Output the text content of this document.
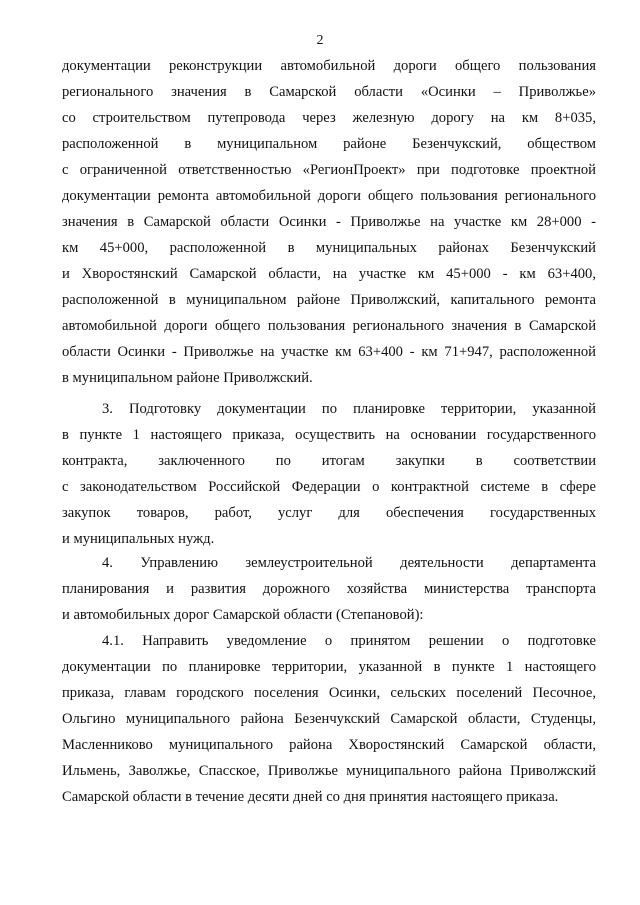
2
документации реконструкции автомобильной дороги общего пользования
регионального значения в Самарской области «Осинки – Приволжье»
со строительством путепровода через железную дорогу на км 8+035,
расположенной в муниципальном районе Безенчукский, обществом
с ограниченной ответственностью «РегионПроект» при подготовке проектной
документации ремонта автомобильной дороги общего пользования регионального
значения в Самарской области Осинки - Приволжье на участке км 28+000 -
км 45+000, расположенной в муниципальных районах Безенчукский
и Хворостянский Самарской области, на участке км 45+000 - км 63+400,
расположенной в муниципальном районе Приволжский, капитального ремонта
автомобильной дороги общего пользования регионального значения в Самарской
области Осинки - Приволжье на участке км 63+400 - км 71+947, расположенной
в муниципальном районе Приволжский.
3. Подготовку документации по планировке территории, указанной
в пункте 1 настоящего приказа, осуществить на основании государственного
контракта, заключенного по итогам закупки в соответствии
с законодательством Российской Федерации о контрактной системе в сфере
закупок товаров, работ, услуг для обеспечения государственных
и муниципальных нужд.
4. Управлению землеустроительной деятельности департамента
планирования и развития дорожного хозяйства министерства транспорта
и автомобильных дорог Самарской области (Степановой):
4.1. Направить уведомление о принятом решении о подготовке
документации по планировке территории, указанной в пункте 1 настоящего
приказа, главам городского поселения Осинки, сельских поселений Песочное,
Ольгино муниципального района Безенчукский Самарской области, Студенцы,
Масленниково муниципального района Хворостянский Самарской области,
Ильмень, Заволжье, Спасское, Приволжье муниципального района Приволжский
Самарской области в течение десяти дней со дня принятия настоящего приказа.
